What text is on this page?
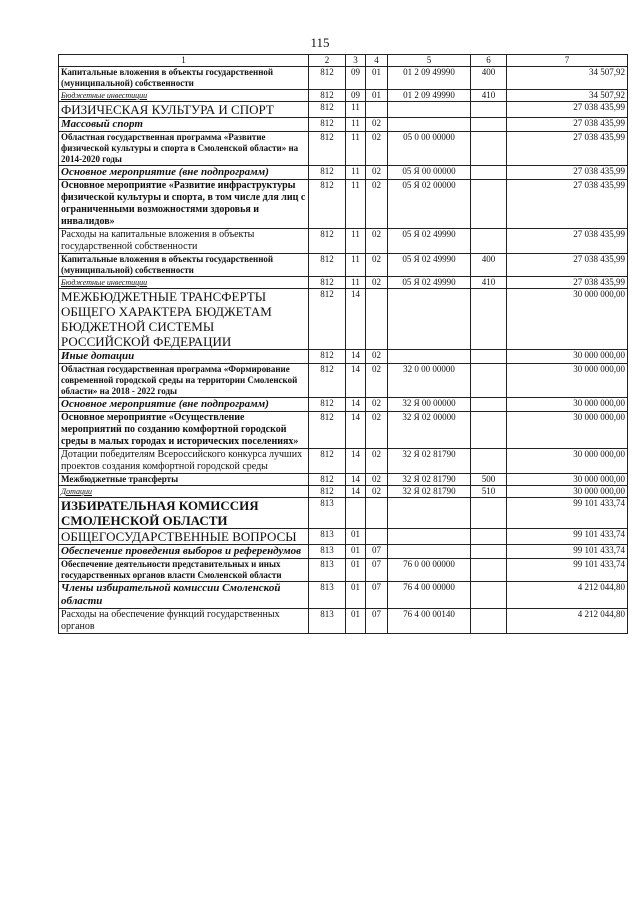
115
1	2	3	4	5	6	7
Капитальные вложения в объекты государственной (муниципальной) собственности	812	09	01	01 2 09 49990	400	34 507,92
Бюджетные инвестиции	812	09	01	01 2 09 49990	410	34 507,92
ФИЗИЧЕСКАЯ КУЛЬТУРА И СПОРТ	812	11				27 038 435,99
Массовый спорт	812	11	02			27 038 435,99
Областная государственная программа «Развитие физической культуры и спорта в Смоленской области» на 2014-2020 годы	812	11	02	05 0 00 00000		27 038 435,99
Основное мероприятие (вне подпрограмм)	812	11	02	05 Я 00 00000		27 038 435,99
Основное мероприятие «Развитие инфраструктуры физической культуры и спорта, в том числе для лиц с ограниченными возможностями здоровья и инвалидов»	812	11	02	05 Я 02 00000		27 038 435,99
Расходы на капитальные вложения в объекты государственной собственности	812	11	02	05 Я 02 49990		27 038 435,99
Капитальные вложения в объекты государственной (муниципальной) собственности	812	11	02	05 Я 02 49990	400	27 038 435,99
Бюджетные инвестиции	812	11	02	05 Я 02 49990	410	27 038 435,99
МЕЖБЮДЖЕТНЫЕ ТРАНСФЕРТЫ ОБЩЕГО ХАРАКТЕРА БЮДЖЕТАМ БЮДЖЕТНОЙ СИСТЕМЫ РОССИЙСКОЙ ФЕДЕРАЦИИ	812	14				30 000 000,00
Иные дотации	812	14	02			30 000 000,00
Областная государственная программа «Формирование современной городской среды на территории Смоленской области» на 2018 - 2022 годы	812	14	02	32 0 00 00000		30 000 000,00
Основное мероприятие (вне подпрограмм)	812	14	02	32 Я 00 00000		30 000 000,00
Основное мероприятие «Осуществление мероприятий по созданию комфортной городской среды в малых городах и исторических поселениях»	812	14	02	32 Я 02 00000		30 000 000,00
Дотации победителям Всероссийского конкурса лучших проектов создания комфортной городской среды	812	14	02	32 Я 02 81790		30 000 000,00
Межбюджетные трансферты	812	14	02	32 Я 02 81790	500	30 000 000,00
Дотации	812	14	02	32 Я 02 81790	510	30 000 000,00
ИЗБИРАТЕЛЬНАЯ КОМИССИЯ СМОЛЕНСКОЙ ОБЛАСТИ	813					99 101 433,74
ОБЩЕГОСУДАРСТВЕННЫЕ ВОПРОСЫ	813	01				99 101 433,74
Обеспечение проведения выборов и референдумов	813	01	07			99 101 433,74
Обеспечение деятельности представительных и иных государственных органов власти Смоленской области	813	01	07	76 0 00 00000		99 101 433,74
Члены избирательной комиссии Смоленской области	813	01	07	76 4 00 00000		4 212 044,80
Расходы на обеспечение функций государственных органов	813	01	07	76 4 00 00140		4 212 044,80
